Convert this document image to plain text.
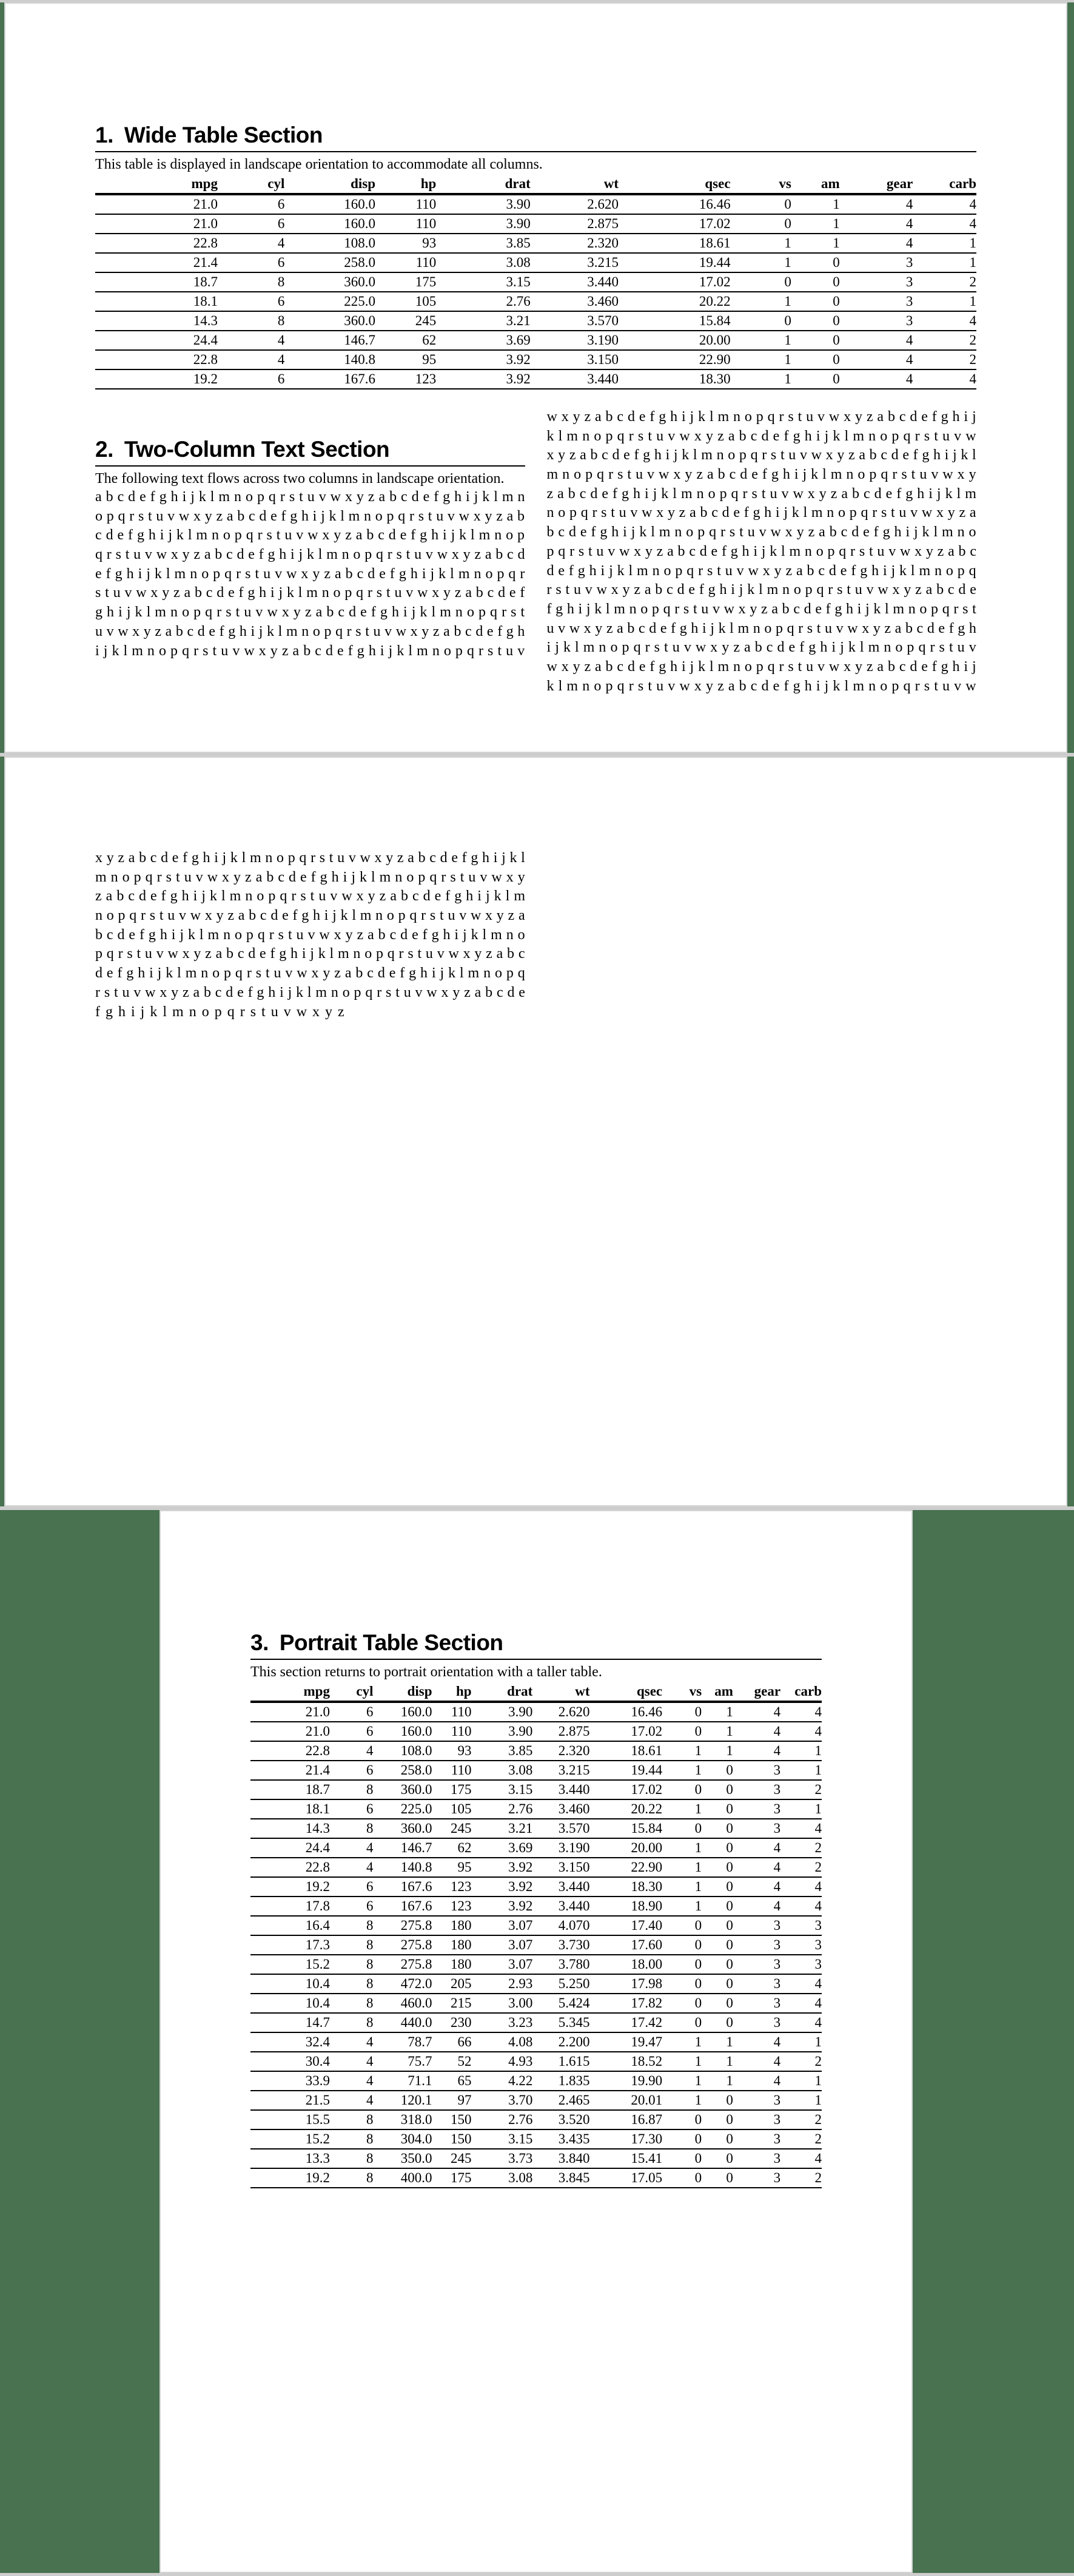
1. Wide Table Section

This table is displayed in landscape orientation to accommodate all columns.

mpg	cyl	disp	hp	drat	wt	qsec	vs	am	gear	carb
21.0	6	160.0	110	3.90	2.620	16.46	0	1	4	4
21.0	6	160.0	110	3.90	2.875	17.02	0	1	4	4
22.8	4	108.0	93	3.85	2.320	18.61	1	1	4	1
21.4	6	258.0	110	3.08	3.215	19.44	1	0	3	1
18.7	8	360.0	175	3.15	3.440	17.02	0	0	3	2
18.1	6	225.0	105	2.76	3.460	20.22	1	0	3	1
14.3	8	360.0	245	3.21	3.570	15.84	0	0	3	4
24.4	4	146.7	62	3.69	3.190	20.00	1	0	4	2
22.8	4	140.8	95	3.92	3.150	22.90	1	0	4	2
19.2	6	167.6	123	3.92	3.440	18.30	1	0	4	4
2. Two-Column Text Section

The following text flows across two columns in landscape orientation.

a b c d e f g h i j k l m n o p q r s t u v w x y z a b c d e f g h i j k l m n
o p q r s t u v w x y z a b c d e f g h i j k l m n o p q r s t u v w x y z a b
c d e f g h i j k l m n o p q r s t u v w x y z a b c d e f g h i j k l m n o p
q r s t u v w x y z a b c d e f g h i j k l m n o p q r s t u v w x y z a b c d
e f g h i j k l m n o p q r s t u v w x y z a b c d e f g h i j k l m n o p q r
s t u v w x y z a b c d e f g h i j k l m n o p q r s t u v w x y z a b c d e f
g h i j k l m n o p q r s t u v w x y z a b c d e f g h i j k l m n o p q r s t
u v w x y z a b c d e f g h i j k l m n o p q r s t u v w x y z a b c d e f g h
i j k l m n o p q r s t u v w x y z a b c d e f g h i j k l m n o p q r s t u v
w x y z a b c d e f g h i j k l m n o p q r s t u v w x y z a b c d e f g h i j
k l m n o p q r s t u v w x y z a b c d e f g h i j k l m n o p q r s t u v w
x y z a b c d e f g h i j k l m n o p q r s t u v w x y z a b c d e f g h i j k l
m n o p q r s t u v w x y z a b c d e f g h i j k l m n o p q r s t u v w x y
z a b c d e f g h i j k l m n o p q r s t u v w x y z a b c d e f g h i j k l m
n o p q r s t u v w x y z a b c d e f g h i j k l m n o p q r s t u v w x y z a
b c d e f g h i j k l m n o p q r s t u v w x y z a b c d e f g h i j k l m n o
p q r s t u v w x y z a b c d e f g h i j k l m n o p q r s t u v w x y z a b c
d e f g h i j k l m n o p q r s t u v w x y z a b c d e f g h i j k l m n o p q
r s t u v w x y z a b c d e f g h i j k l m n o p q r s t u v w x y z a b c d e
f g h i j k l m n o p q r s t u v w x y z a b c d e f g h i j k l m n o p q r s t
u v w x y z a b c d e f g h i j k l m n o p q r s t u v w x y z a b c d e f g h
i j k l m n o p q r s t u v w x y z a b c d e f g h i j k l m n o p q r s t u v
w x y z a b c d e f g h i j k l m n o p q r s t u v w x y z a b c d e f g h i j
k l m n o p q r s t u v w x y z a b c d e f g h i j k l m n o p q r s t u v w
x y z a b c d e f g h i j k l m n o p q r s t u v w x y z a b c d e f g h i j k l
m n o p q r s t u v w x y z a b c d e f g h i j k l m n o p q r s t u v w x y
z a b c d e f g h i j k l m n o p q r s t u v w x y z a b c d e f g h i j k l m
n o p q r s t u v w x y z a b c d e f g h i j k l m n o p q r s t u v w x y z a
b c d e f g h i j k l m n o p q r s t u v w x y z a b c d e f g h i j k l m n o
p q r s t u v w x y z a b c d e f g h i j k l m n o p q r s t u v w x y z a b c
d e f g h i j k l m n o p q r s t u v w x y z a b c d e f g h i j k l m n o p q
r s t u v w x y z a b c d e f g h i j k l m n o p q r s t u v w x y z a b c d e
f g h i j k l m n o p q r s t u v w x y z
3. Portrait Table Section

This section returns to portrait orientation with a taller table.

mpg	cyl	disp	hp	drat	wt	qsec	vs	am	gear	carb
21.0	6	160.0	110	3.90	2.620	16.46	0	1	4	4
21.0	6	160.0	110	3.90	2.875	17.02	0	1	4	4
22.8	4	108.0	93	3.85	2.320	18.61	1	1	4	1
21.4	6	258.0	110	3.08	3.215	19.44	1	0	3	1
18.7	8	360.0	175	3.15	3.440	17.02	0	0	3	2
18.1	6	225.0	105	2.76	3.460	20.22	1	0	3	1
14.3	8	360.0	245	3.21	3.570	15.84	0	0	3	4
24.4	4	146.7	62	3.69	3.190	20.00	1	0	4	2
22.8	4	140.8	95	3.92	3.150	22.90	1	0	4	2
19.2	6	167.6	123	3.92	3.440	18.30	1	0	4	4
17.8	6	167.6	123	3.92	3.440	18.90	1	0	4	4
16.4	8	275.8	180	3.07	4.070	17.40	0	0	3	3
17.3	8	275.8	180	3.07	3.730	17.60	0	0	3	3
15.2	8	275.8	180	3.07	3.780	18.00	0	0	3	3
10.4	8	472.0	205	2.93	5.250	17.98	0	0	3	4
10.4	8	460.0	215	3.00	5.424	17.82	0	0	3	4
14.7	8	440.0	230	3.23	5.345	17.42	0	0	3	4
32.4	4	78.7	66	4.08	2.200	19.47	1	1	4	1
30.4	4	75.7	52	4.93	1.615	18.52	1	1	4	2
33.9	4	71.1	65	4.22	1.835	19.90	1	1	4	1
21.5	4	120.1	97	3.70	2.465	20.01	1	0	3	1
15.5	8	318.0	150	2.76	3.520	16.87	0	0	3	2
15.2	8	304.0	150	3.15	3.435	17.30	0	0	3	2
13.3	8	350.0	245	3.73	3.840	15.41	0	0	3	4
19.2	8	400.0	175	3.08	3.845	17.05	0	0	3	2
